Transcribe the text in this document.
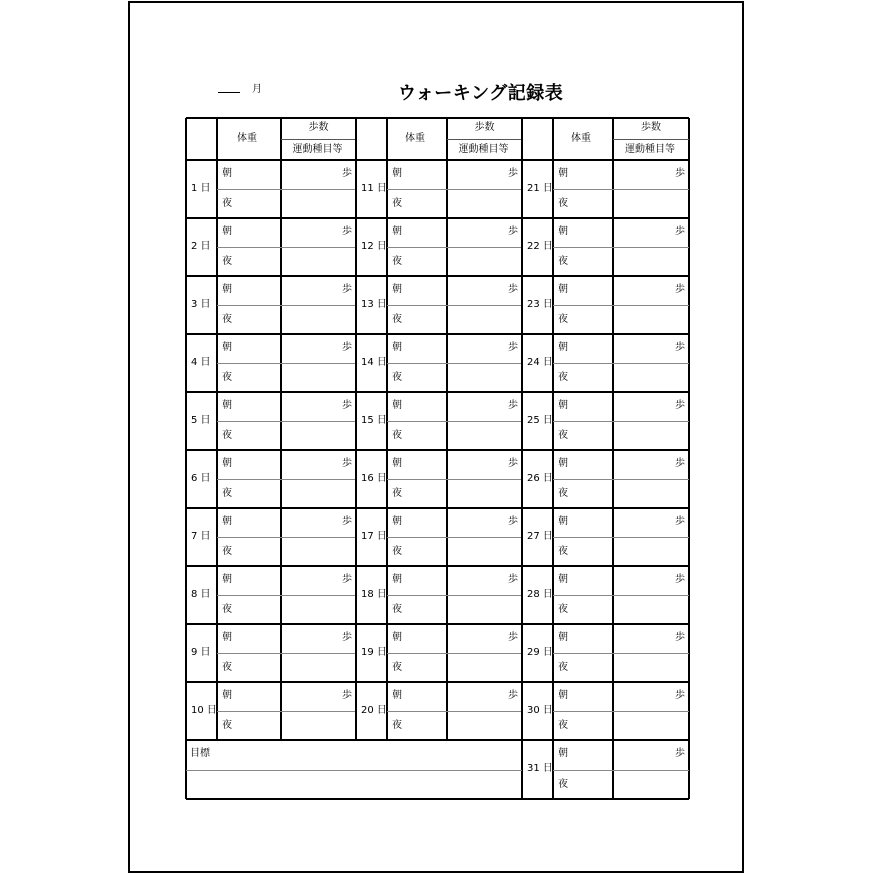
月	ウォーキング記録表
体重
歩数
運動種目等
1 日
朝
夜
歩
2 日
朝
夜
歩
3 日
朝
夜
歩
4 日
朝
夜
歩
5 日
朝
夜
歩
6 日
朝
夜
歩
7 日
朝
夜
歩
8 日
朝
夜
歩
9 日
朝
夜
歩
10 日
朝
夜
歩
体重
歩数
運動種目等
11 日
朝
夜
歩
12 日
朝
夜
歩
13 日
朝
夜
歩
14 日
朝
夜
歩
15 日
朝
夜
歩
16 日
朝
夜
歩
17 日
朝
夜
歩
18 日
朝
夜
歩
19 日
朝
夜
歩
20 日
朝
夜
歩
体重
歩数
運動種目等
21 日
朝
夜
歩
22 日
朝
夜
歩
23 日
朝
夜
歩
24 日
朝
夜
歩
25 日
朝
夜
歩
26 日
朝
夜
歩
27 日
朝
夜
歩
28 日
朝
夜
歩
29 日
朝
夜
歩
30 日
朝
夜
歩
目標
31 日
朝
夜
歩
